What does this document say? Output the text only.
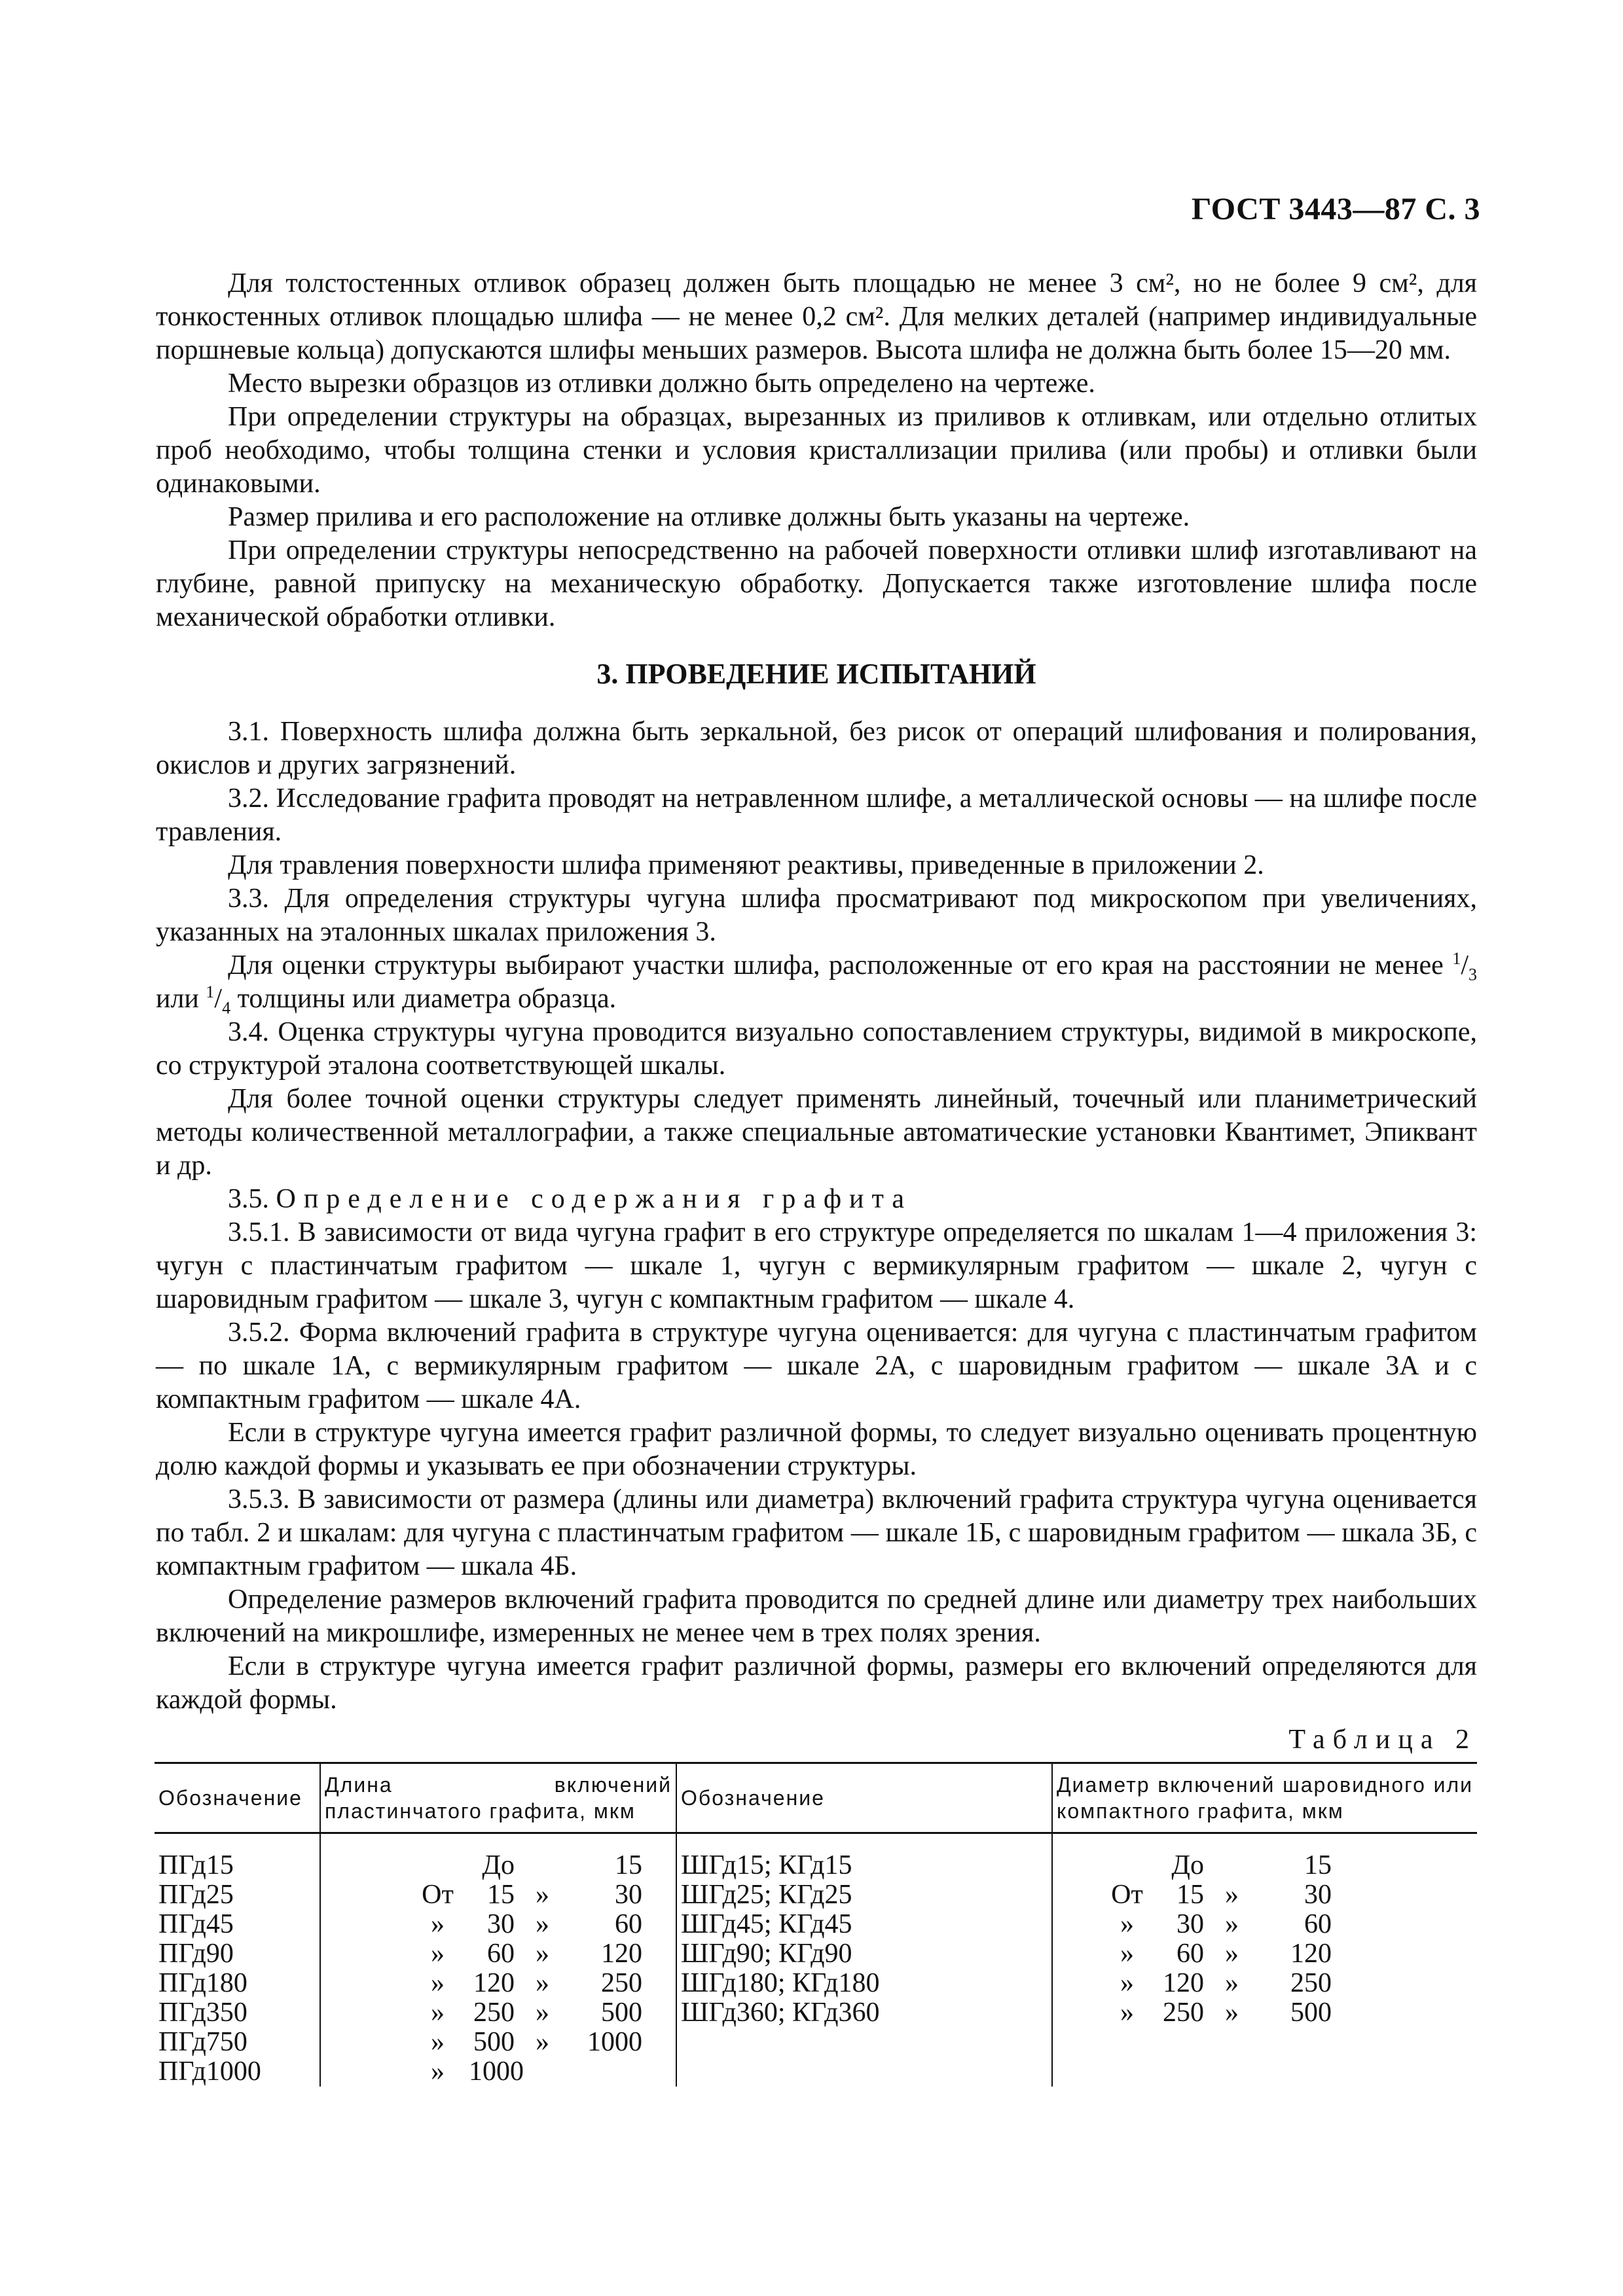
ГОСТ 3443—87 С. 3

Для толстостенных отливок образец должен быть площадью не менее 3 см², но не более 9 см², для тонкостенных отливок площадью шлифа — не менее 0,2 см². Для мелких деталей (например индивидуальные поршневые кольца) допускаются шлифы меньших размеров. Высота шлифа не должна быть более 15—20 мм.

Место вырезки образцов из отливки должно быть определено на чертеже.

При определении структуры на образцах, вырезанных из приливов к отливкам, или отдельно отлитых проб необходимо, чтобы толщина стенки и условия кристаллизации прилива (или пробы) и отливки были одинаковыми.

Размер прилива и его расположение на отливке должны быть указаны на чертеже.

При определении структуры непосредственно на рабочей поверхности отливки шлиф изготавливают на глубине, равной припуску на механическую обработку. Допускается также изготовление шлифа после механической обработки отливки.

3. ПРОВЕДЕНИЕ ИСПЫТАНИЙ

3.1. Поверхность шлифа должна быть зеркальной, без рисок от операций шлифования и полирования, окислов и других загрязнений.

3.2. Исследование графита проводят на нетравленном шлифе, а металлической основы — на шлифе после травления.

Для травления поверхности шлифа применяют реактивы, приведенные в приложении 2.

3.3. Для определения структуры чугуна шлифа просматривают под микроскопом при увеличениях, указанных на эталонных шкалах приложения 3.

Для оценки структуры выбирают участки шлифа, расположенные от его края на расстоянии не менее $^1/_3$ или $^1/_4$ толщины или диаметра образца.

3.4. Оценка структуры чугуна проводится визуально сопоставлением структуры, видимой в микроскопе, со структурой эталона соответствующей шкалы.

Для более точной оценки структуры следует применять линейный, точечный или планиметрический методы количественной металлографии, а также специальные автоматические установки Квантимет, Эпиквант и др.

3.5. Определение содержания графита

3.5.1. В зависимости от вида чугуна графит в его структуре определяется по шкалам 1—4 приложения 3: чугун с пластинчатым графитом — шкале 1, чугун с вермикулярным графитом — шкале 2, чугун с шаровидным графитом — шкале 3, чугун с компактным графитом — шкале 4.

3.5.2. Форма включений графита в структуре чугуна оценивается: для чугуна с пластинчатым графитом — по шкале 1А, с вермикулярным графитом — шкале 2А, с шаровидным графитом — шкале 3А и с компактным графитом — шкале 4А.

Если в структуре чугуна имеется графит различной формы, то следует визуально оценивать процентную долю каждой формы и указывать ее при обозначении структуры.

3.5.3. В зависимости от размера (длины или диаметра) включений графита структура чугуна оценивается по табл. 2 и шкалам: для чугуна с пластинчатым графитом — шкале 1Б, с шаровидным графитом — шкала 3Б, с компактным графитом — шкала 4Б.

Определение размеров включений графита проводится по средней длине или диаметру трех наибольших включений на микрошлифе, измеренных не менее чем в трех полях зрения.

Если в структуре чугуна имеется графит различной формы, размеры его включений определяются для каждой формы.

Таблица 2
Обозначение	Длина включений пластинчатого графита, мкм	Обозначение	Диаметр включений шаровидного или компактного графита, мкм
ПГд15	До 15	ШГд15; КГд15	До 15

ПГд25	От 15 » 30	ШГд25; КГд25	От 15 » 30

ПГд45	» 30 » 60	ШГд45; КГд45	» 30 » 60

ПГд90	» 60 » 120	ШГд90; КГд90	» 60 » 120

ПГд180	» 120 » 250	ШГд180; КГд180	» 120 » 250

ПГд350	» 250 » 500	ШГд360; КГд360	» 250 » 500

ПГд750	» 500 » 1000		

ПГд1000	» 1000		
